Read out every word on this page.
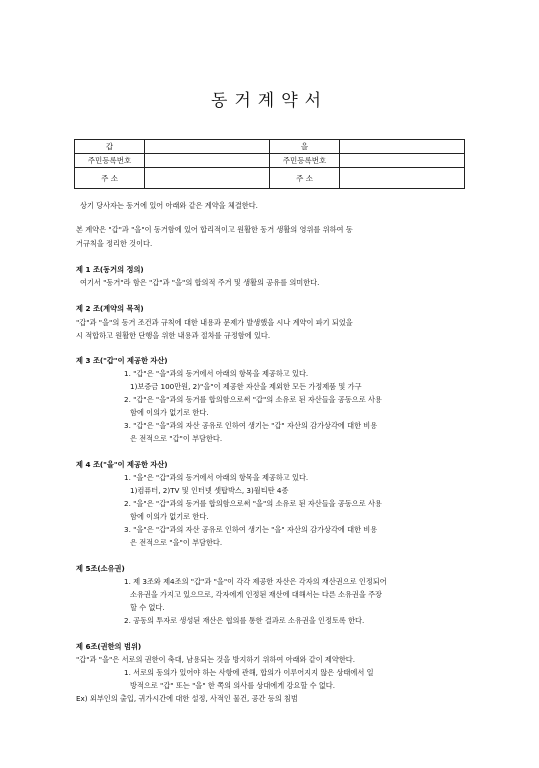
동거계약서
갑		을	
주민등록번호		주민등록번호	
주 소		주 소	
상기 당사자는 동거에 있어 아래와 같은 계약을 체결한다.
본 계약은 "갑"과 "을"이 동거함에 있어 합리적이고 원활한 동거 생활의 영위를 위하여 동
거규칙을 정리한 것이다.
제 1 조(동거의 정의)
여기서 "동거"라 함은 "갑"과 "을"의 합의적 주거 및 생활의 공유를 의미한다.
제 2 조(계약의 목적)
"갑"과 "을"의 동거 조건과 규칙에 대한 내용과 문제가 발생했을 시나 계약이 파기 되었을
시 적합하고 원활한 단행을 위한 내용과 절차를 규정함에 있다.
제 3 조("갑"이 제공한 자산)
1. "갑"은 "을"과의 동거에서 아래의 항목을 제공하고 있다.
1)보증금 100만원, 2)"을"이 제공한 자산을 제외한 모든 가정제품 및 가구
2. "갑"은 "을"과의 동거를 합의함으로써 "갑"의 소유로 된 자산들을 공동으로 사용
함에 이의가 없기로 한다.
3. "갑"은 "을"과의 자산 공유로 인하여 생기는 "갑" 자산의 감가상각에 대한 비용
은 전적으로 "갑"이 부담한다.
제 4 조("을"이 제공한 자산)
1. "을"은 "갑"과의 동거에서 아래의 항목을 제공하고 있다.
1)컴퓨터, 2)TV 및 인터넷 셋탑박스, 3)월티탄 4종
2. "을"은 "갑"과의 동거를 합의함으로써 "을"의 소유로 된 자산들을 공동으로 사용
함에 이의가 없기로 한다.
3. "을"은 "갑"과의 자산 공유로 인하여 생기는 "을" 자산의 감가상각에 대한 비용
은 전적으로 "을"이 부담한다.
제 5조(소유권)
1. 제 3조와 제4조의 "갑"과 "을"이 각각 제공한 자산은 각자의 재산권으로 인정되어
소유권을 가지고 있으므로, 각자에게 인정된 재산에 대해서는 다른 소유권을 주장
할 수 없다.
2. 공동의 투자로 생성된 재산은 협의를 통한 결과로 소유권을 인정토록 한다.
제 6조(권한의 범위)
"갑"과 "을"은 서로의 권한이 축대, 남용되는 것을 방지하기 위하여 아래와 같이 제약한다.
1. 서로의 동의가 있어야 하는 사항에 관해, 합의가 이루어지지 않은 상태에서 일
방적으로 "갑" 또는 "을" 한 쪽의 의사를 상대에게 강요할 수 없다.
Ex) 외부인의 출입, 귀가시간에 대한 설정, 사적인 물건, 공간 등의 침범
